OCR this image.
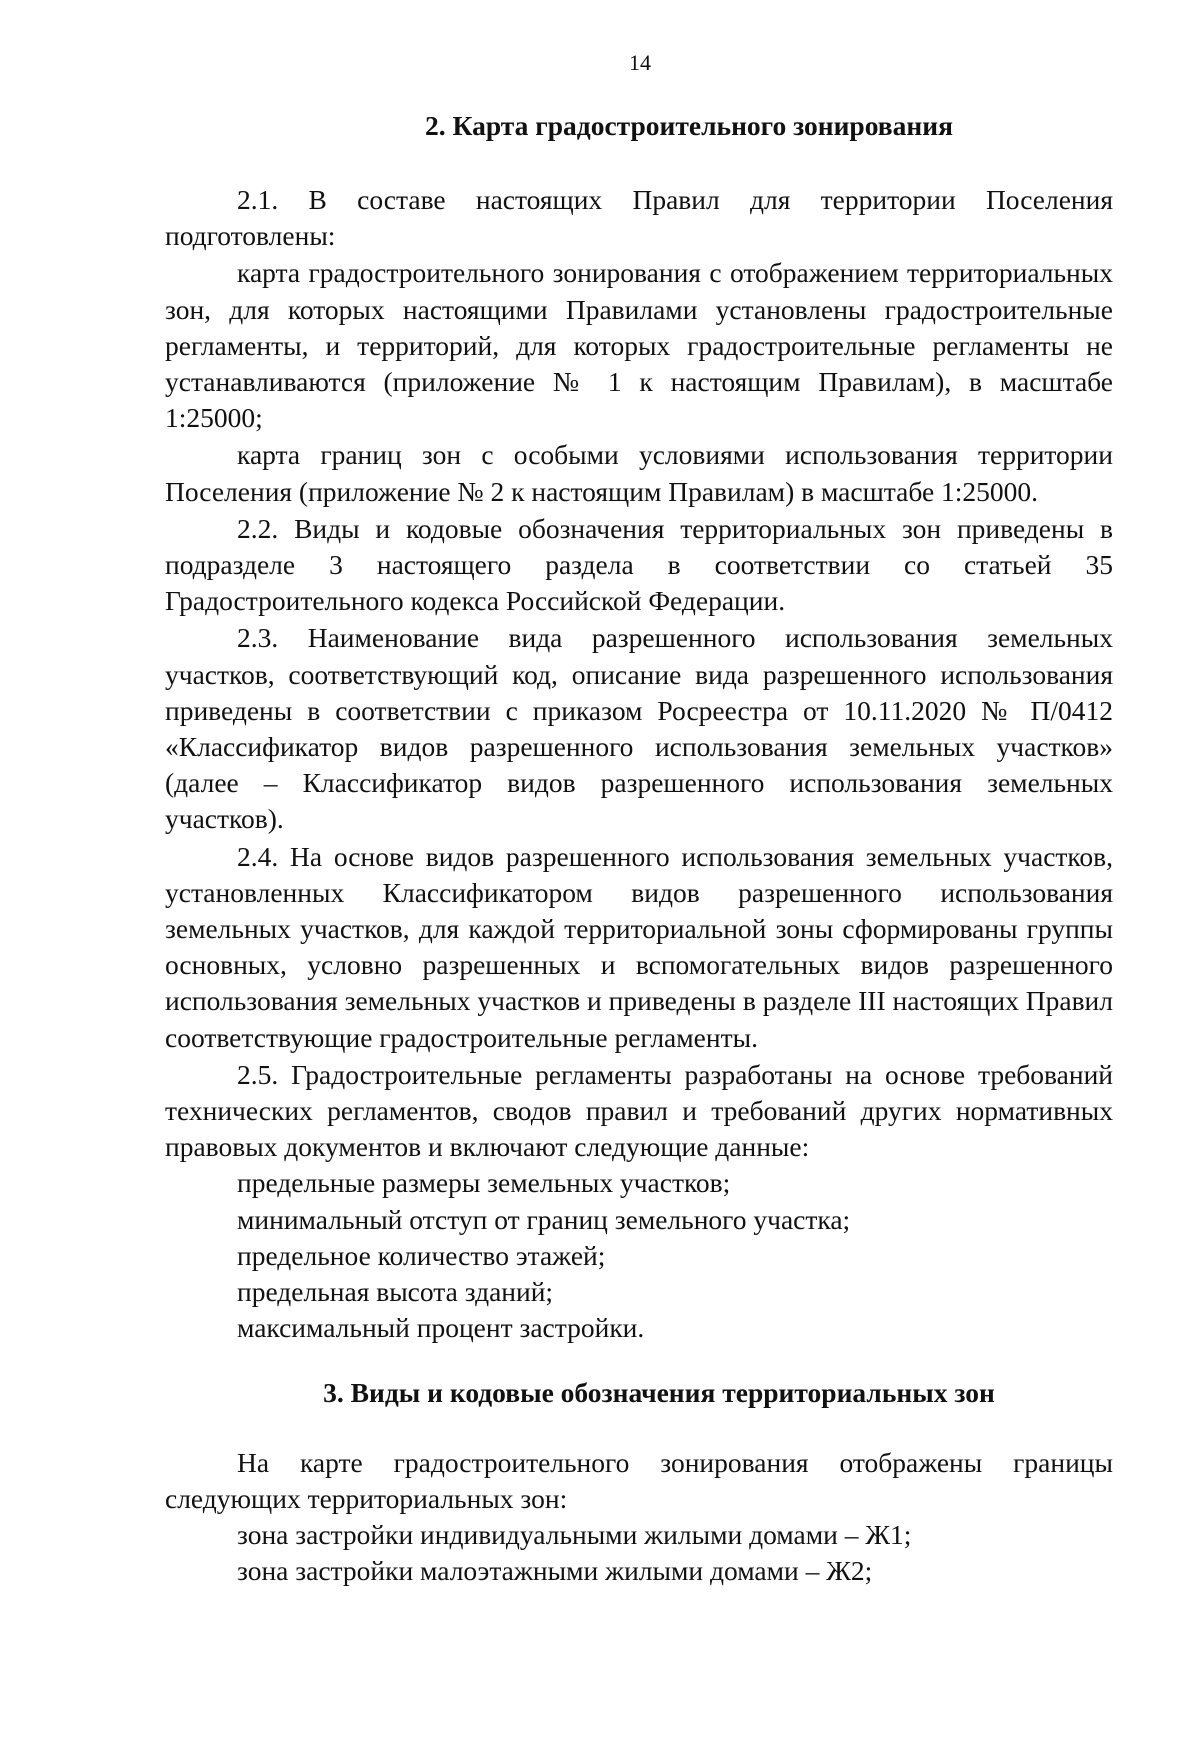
14
2. Карта градостроительного зонирования

2.1. В составе настоящих Правил для территории Поселения подготовлены:

карта градостроительного зонирования с отображением территориальных зон, для которых настоящими Правилами установлены градостроительные регламенты, и территорий, для которых градостроительные регламенты не устанавливаются (приложение № 1 к настоящим Правилам), в масштабе 1:25000;

карта границ зон с особыми условиями использования территории Поселения (приложение № 2 к настоящим Правилам) в масштабе 1:25000.

2.2. Виды и кодовые обозначения территориальных зон приведены в подразделе 3 настоящего раздела в соответствии со статьей 35 Градостроительного кодекса Российской Федерации.

2.3. Наименование вида разрешенного использования земельных участков, соответствующий код, описание вида разрешенного использования приведены в соответствии с приказом Росреестра от 10.11.2020 № П/0412 «Классификатор видов разрешенного использования земельных участков» (далее – Классификатор видов разрешенного использования земельных участков).

2.4. На основе видов разрешенного использования земельных участков, установленных Классификатором видов разрешенного использования земельных участков, для каждой территориальной зоны сформированы группы основных, условно разрешенных и вспомогательных видов разрешенного использования земельных участков и приведены в разделе III настоящих Правил соответствующие градостроительные регламенты.

2.5. Градостроительные регламенты разработаны на основе требований технических регламентов, сводов правил и требований других нормативных правовых документов и включают следующие данные:

предельные размеры земельных участков;
минимальный отступ от границ земельного участка;
предельное количество этажей;
предельная высота зданий;
максимальный процент застройки.
3. Виды и кодовые обозначения территориальных зон

На карте градостроительного зонирования отображены границы следующих территориальных зон:

зона застройки индивидуальными жилыми домами – Ж1;
зона застройки малоэтажными жилыми домами – Ж2;
